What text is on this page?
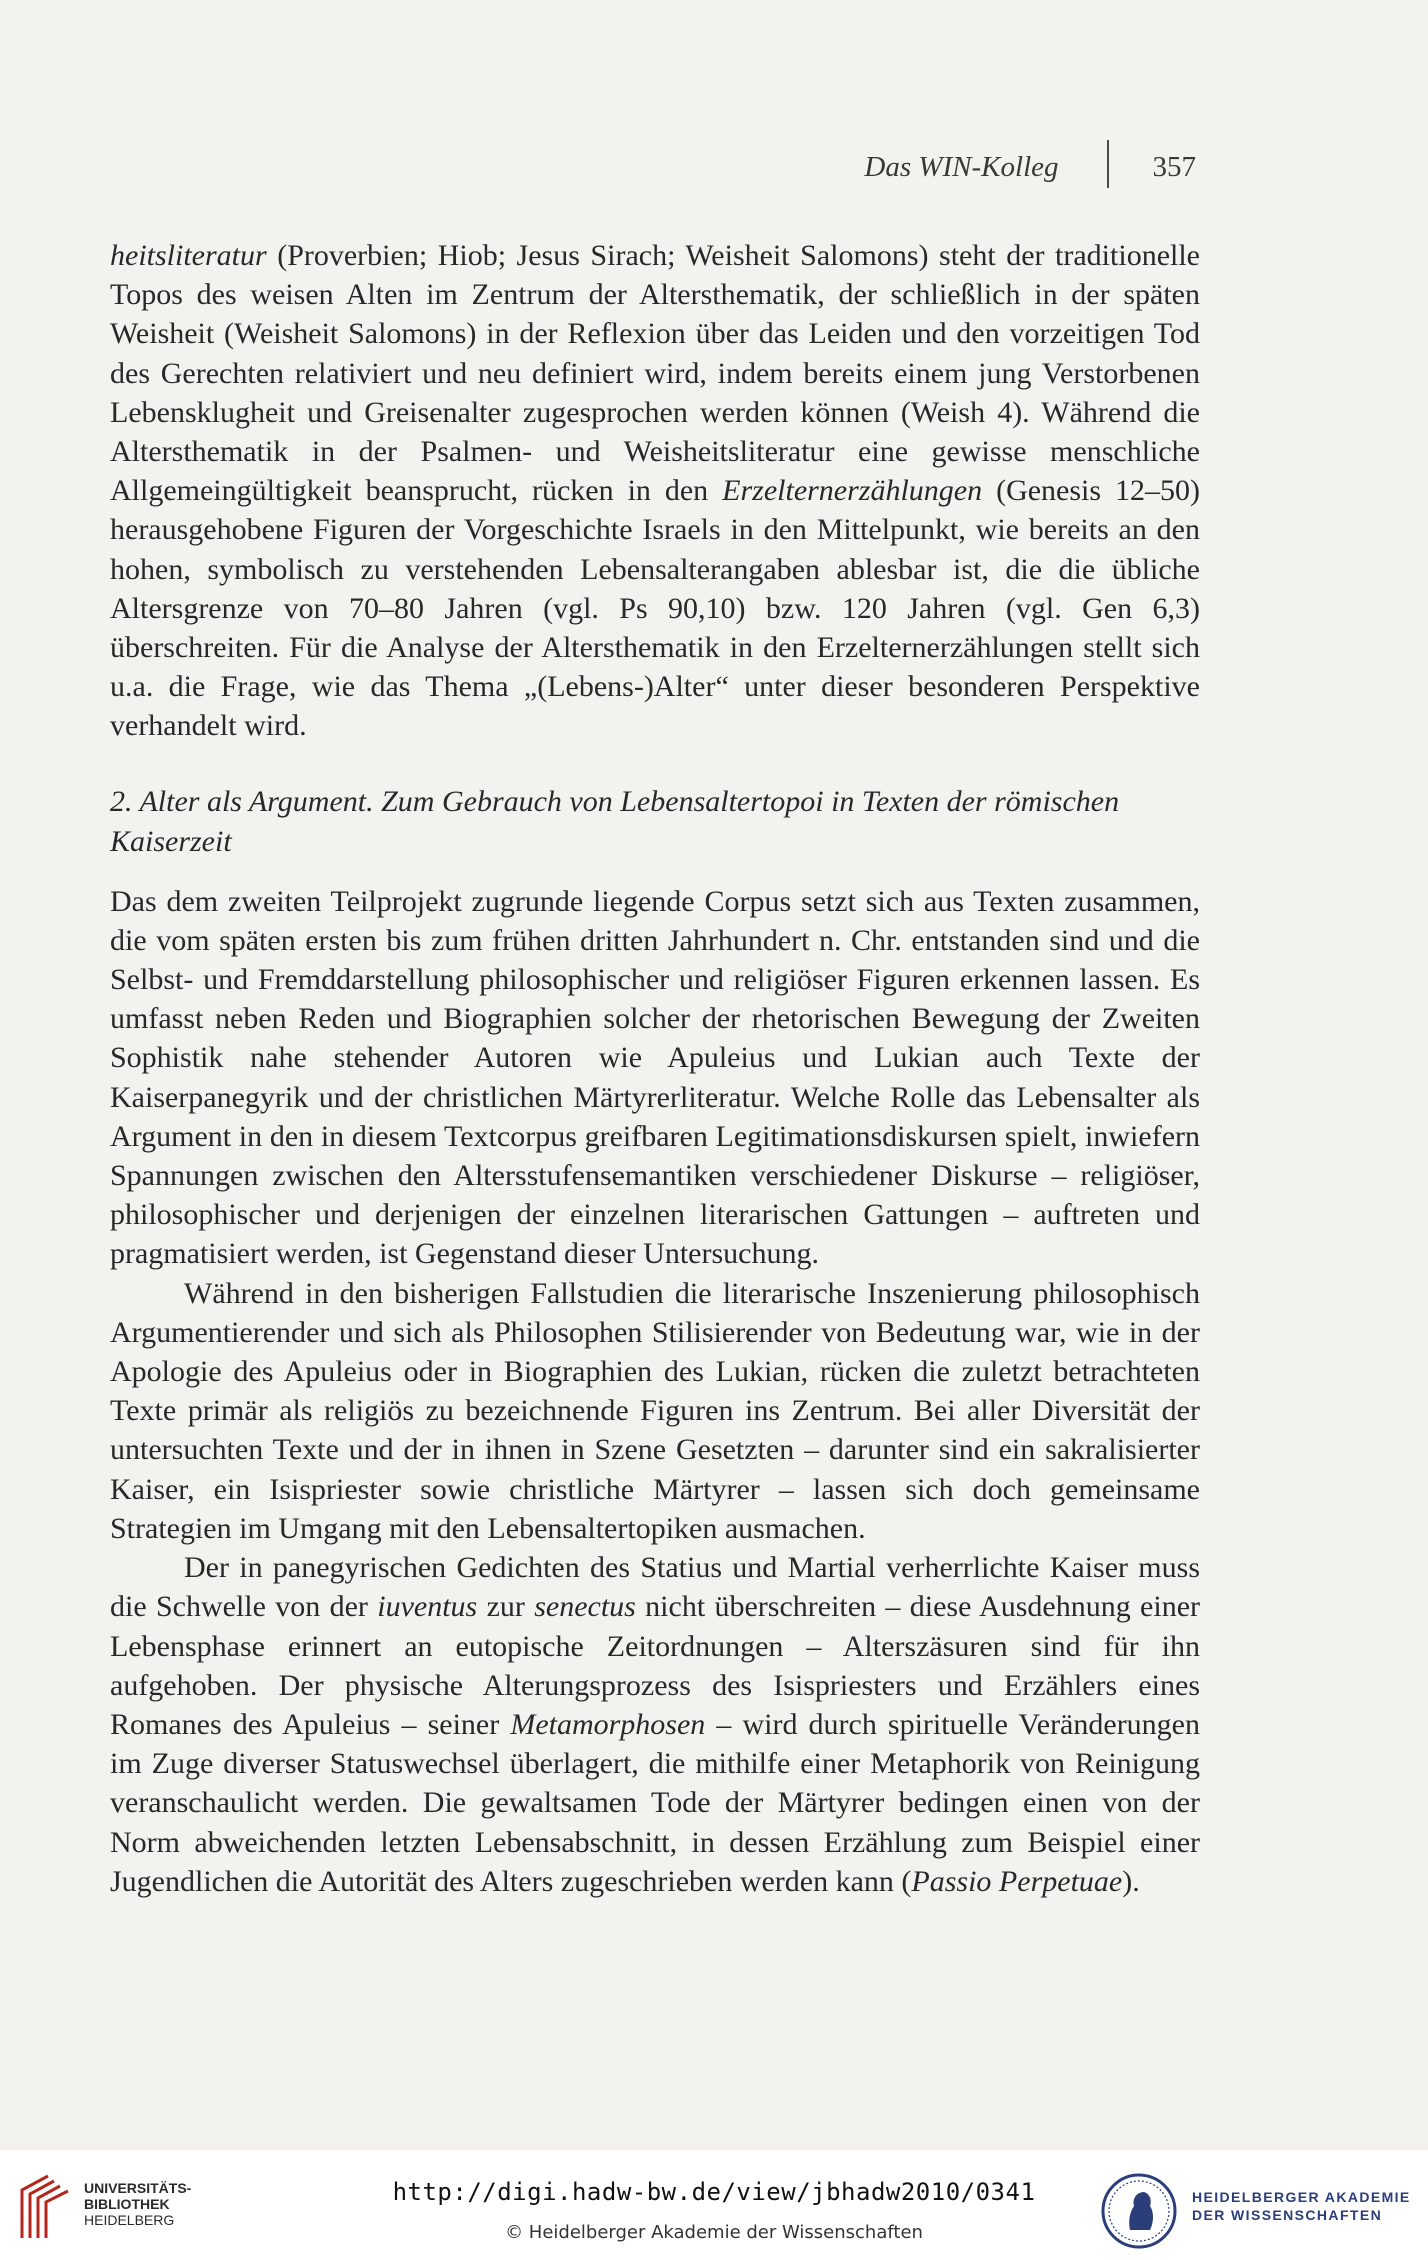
Das WIN-Kolleg	357

heitsliteratur (Proverbien; Hiob; Jesus Sirach; Weisheit Salomons) steht der traditionelle Topos des weisen Alten im Zentrum der Altersthematik, der schließlich in der späten Weisheit (Weisheit Salomons) in der Reflexion über das Leiden und den vorzeitigen Tod des Gerechten relativiert und neu definiert wird, indem bereits einem jung Verstorbenen Lebensklugheit und Greisenalter zugesprochen werden können (Weish 4). Während die Altersthematik in der Psalmen- und Weisheitsliteratur eine gewisse menschliche Allgemeingültigkeit beansprucht, rücken in den Erzelternerzählungen (Genesis 12–50) herausgehobene Figuren der Vorgeschichte Israels in den Mittelpunkt, wie bereits an den hohen, symbolisch zu verstehenden Lebensalterangaben ablesbar ist, die die übliche Altersgrenze von 70–80 Jahren (vgl. Ps 90,10) bzw. 120 Jahren (vgl. Gen 6,3) überschreiten. Für die Analyse der Altersthematik in den Erzelternerzählungen stellt sich u.a. die Frage, wie das Thema „(Lebens-)Alter“ unter dieser besonderen Perspektive verhandelt wird.

2. Alter als Argument. Zum Gebrauch von Lebensaltertopoi in Texten der römischen Kaiserzeit

Das dem zweiten Teilprojekt zugrunde liegende Corpus setzt sich aus Texten zusammen, die vom späten ersten bis zum frühen dritten Jahrhundert n. Chr. entstanden sind und die Selbst- und Fremddarstellung philosophischer und religiöser Figuren erkennen lassen. Es umfasst neben Reden und Biographien solcher der rhetorischen Bewegung der Zweiten Sophistik nahe stehender Autoren wie Apuleius und Lukian auch Texte der Kaiserpanegyrik und der christlichen Märtyrerliteratur. Welche Rolle das Lebensalter als Argument in den in diesem Textcorpus greifbaren Legitimationsdiskursen spielt, inwiefern Spannungen zwischen den Altersstufensemantiken verschiedener Diskurse – religiöser, philosophischer und derjenigen der einzelnen literarischen Gattungen – auftreten und pragmatisiert werden, ist Gegenstand dieser Untersuchung.

Während in den bisherigen Fallstudien die literarische Inszenierung philosophisch Argumentierender und sich als Philosophen Stilisierender von Bedeutung war, wie in der Apologie des Apuleius oder in Biographien des Lukian, rücken die zuletzt betrachteten Texte primär als religiös zu bezeichnende Figuren ins Zentrum. Bei aller Diversität der untersuchten Texte und der in ihnen in Szene Gesetzten – darunter sind ein sakralisierter Kaiser, ein Isispriester sowie christliche Märtyrer – lassen sich doch gemeinsame Strategien im Umgang mit den Lebensaltertopiken ausmachen.

Der in panegyrischen Gedichten des Statius und Martial verherrlichte Kaiser muss die Schwelle von der iuventus zur senectus nicht überschreiten – diese Ausdehnung einer Lebensphase erinnert an eutopische Zeitordnungen – Alterszäsuren sind für ihn aufgehoben. Der physische Alterungsprozess des Isispriesters und Erzählers eines Romanes des Apuleius – seiner Metamorphosen – wird durch spirituelle Veränderungen im Zuge diverser Statuswechsel überlagert, die mithilfe einer Metaphorik von Reinigung veranschaulicht werden. Die gewaltsamen Tode der Märtyrer bedingen einen von der Norm abweichenden letzten Lebensabschnitt, in dessen Erzählung zum Beispiel einer Jugendlichen die Autorität des Alters zugeschrieben werden kann (Passio Perpetuae).

UNIVERSITÄTS-
BIBLIOTHEK
HEIDELBERG
http://digi.hadw-bw.de/view/jbhadw2010/0341
© Heidelberger Akademie der Wissenschaften
HEIDELBERGER AKADEMIE
DER WISSENSCHAFTEN
